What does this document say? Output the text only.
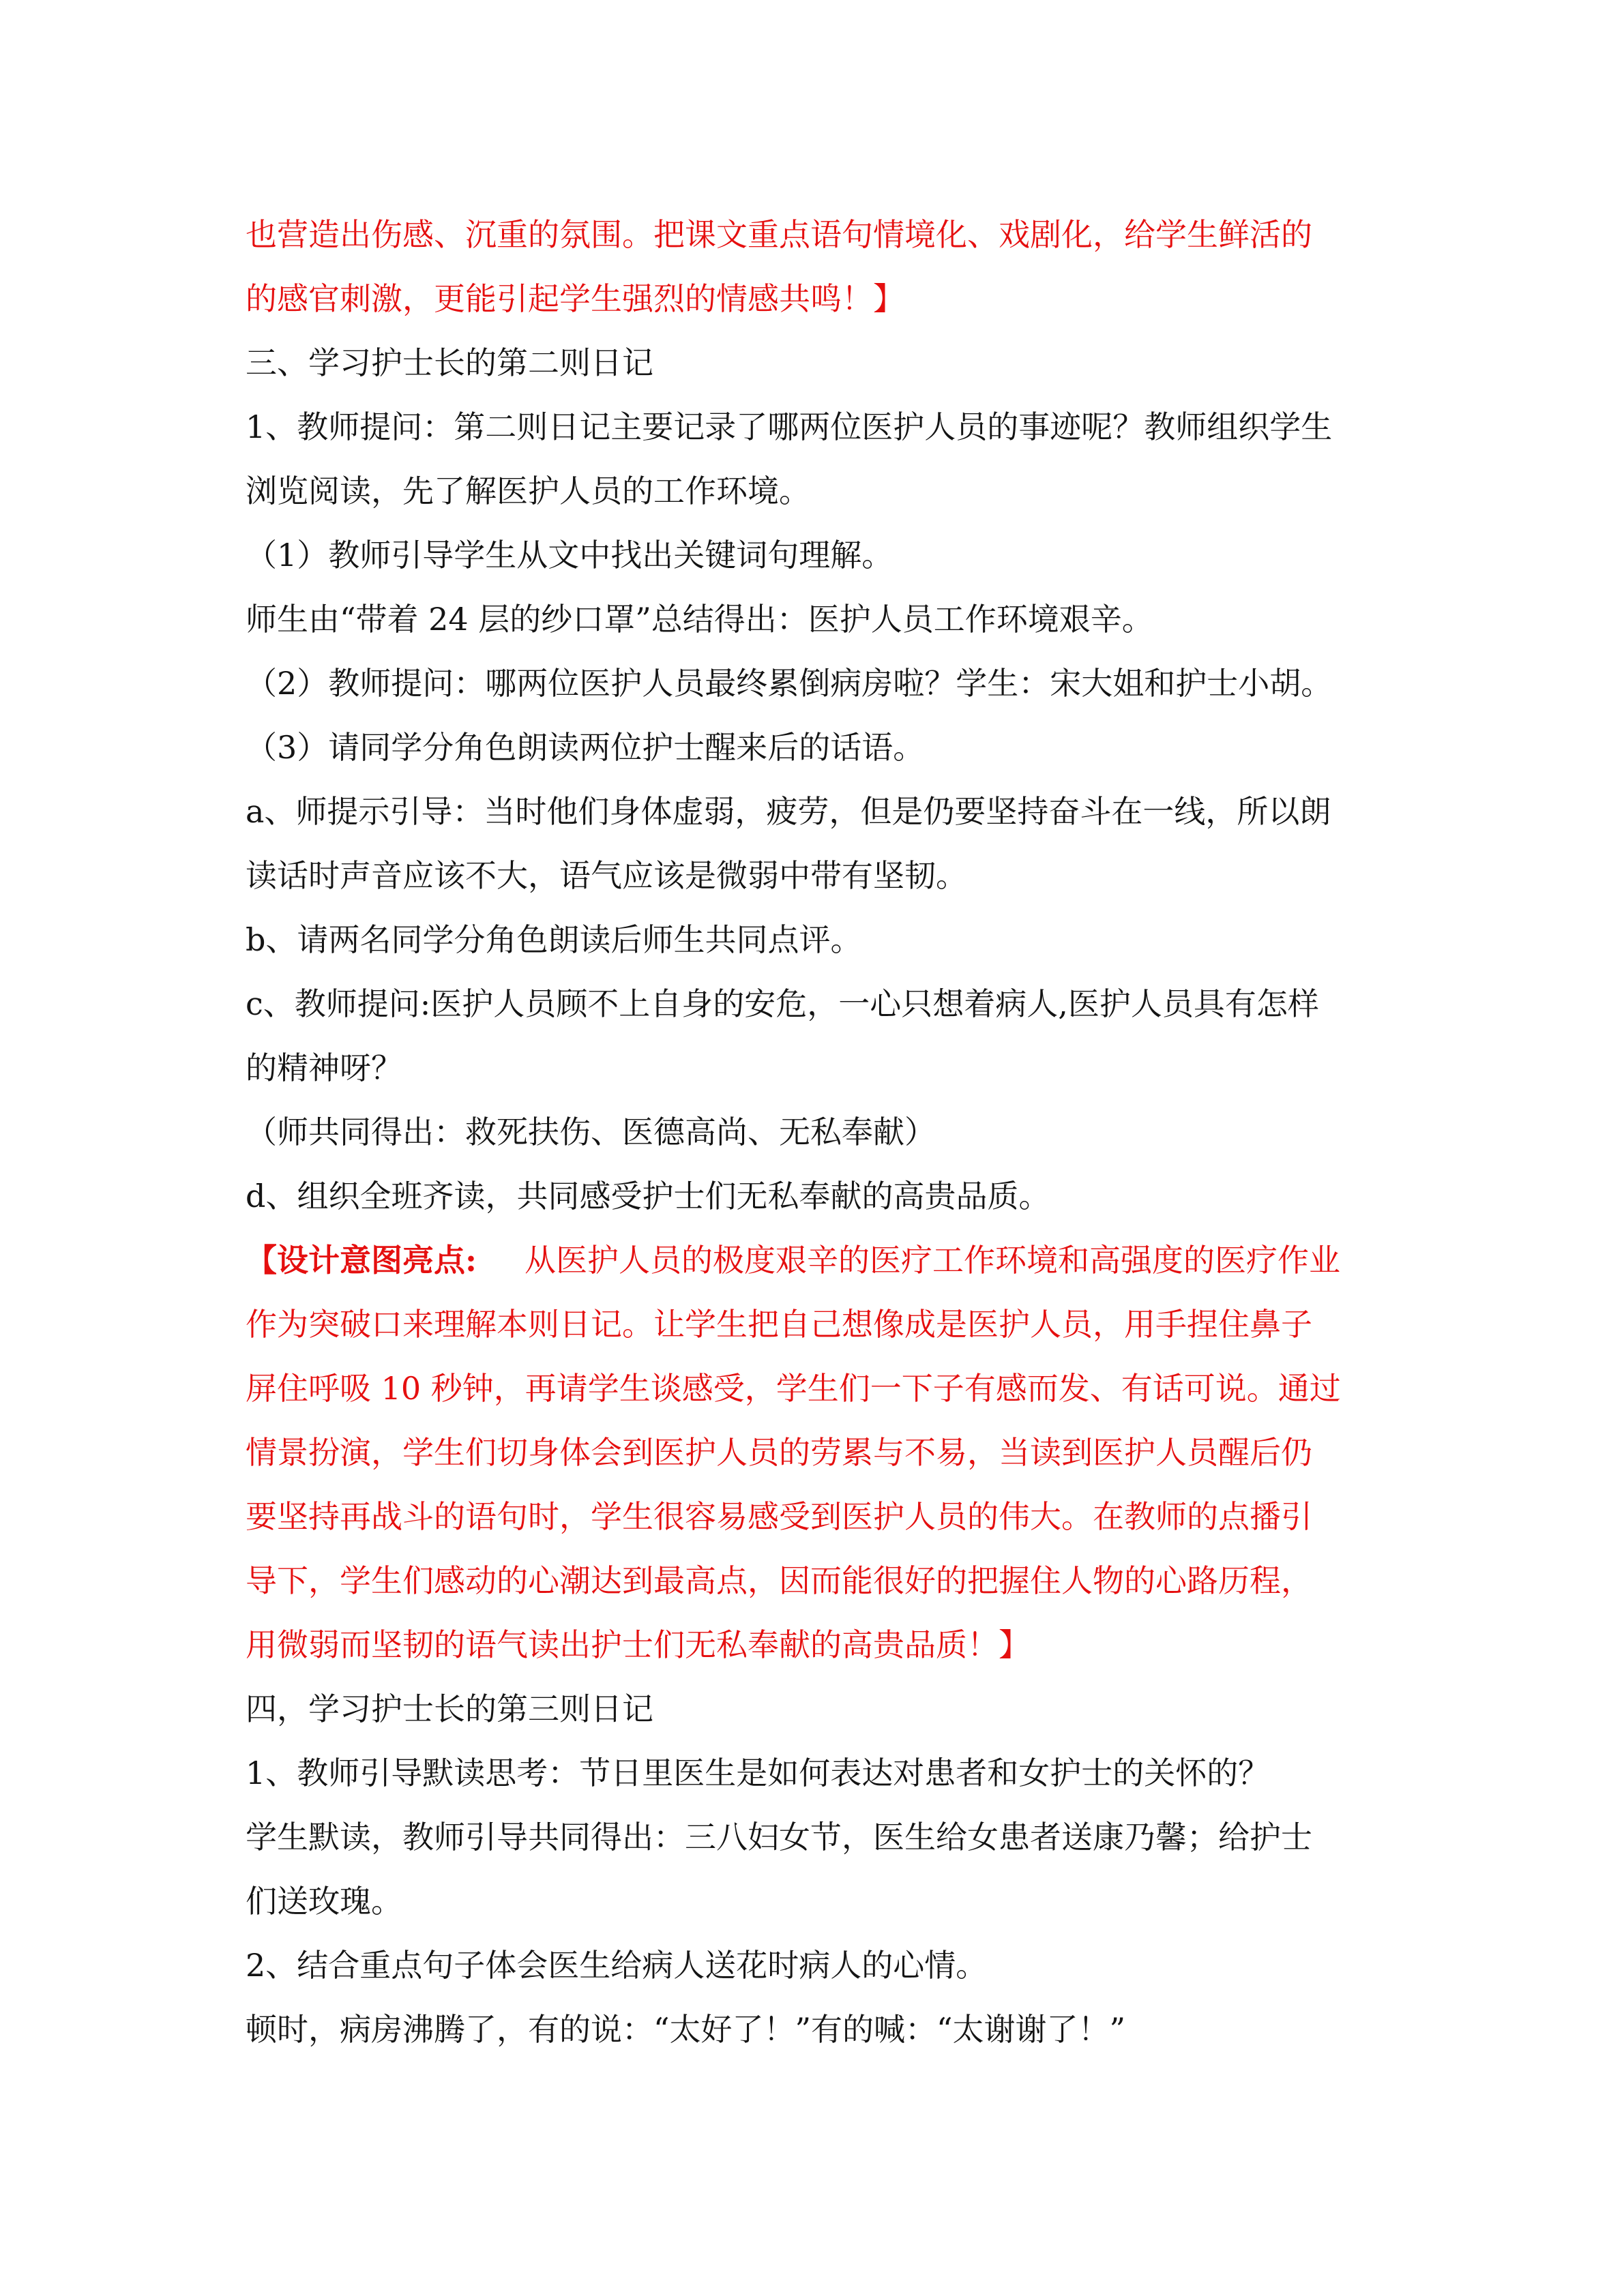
也营造出伤感、沉重的氛围。把课文重点语句情境化、戏剧化，给学生鲜活的
的感官刺激，更能引起学生强烈的情感共鸣！】
三、学习护士长的第二则日记
1、教师提问：第二则日记主要记录了哪两位医护人员的事迹呢？教师组织学生
浏览阅读，先了解医护人员的工作环境。
（1）教师引导学生从文中找出关键词句理解。
师生由“带着 24 层的纱口罩”总结得出：医护人员工作环境艰辛。
（2）教师提问：哪两位医护人员最终累倒病房啦？学生：宋大姐和护士小胡。
（3）请同学分角色朗读两位护士醒来后的话语。
a、师提示引导：当时他们身体虚弱，疲劳，但是仍要坚持奋斗在一线，所以朗
读话时声音应该不大，语气应该是微弱中带有坚韧。
b、请两名同学分角色朗读后师生共同点评。
c、教师提问:医护人员顾不上自身的安危，一心只想着病人,医护人员具有怎样
的精神呀？
（师共同得出：救死扶伤、医德高尚、无私奉献）
d、组织全班齐读，共同感受护士们无私奉献的高贵品质。
【设计意图亮点: 从医护人员的极度艰辛的医疗工作环境和高强度的医疗作业
作为突破口来理解本则日记。让学生把自己想像成是医护人员，用手捏住鼻子
屏住呼吸 10 秒钟，再请学生谈感受，学生们一下子有感而发、有话可说。通过
情景扮演，学生们切身体会到医护人员的劳累与不易，当读到医护人员醒后仍
要坚持再战斗的语句时，学生很容易感受到医护人员的伟大。在教师的点播引
导下，学生们感动的心潮达到最高点，因而能很好的把握住人物的心路历程，
用微弱而坚韧的语气读出护士们无私奉献的高贵品质！】
四，学习护士长的第三则日记
1、教师引导默读思考：节日里医生是如何表达对患者和女护士的关怀的？
学生默读，教师引导共同得出：三八妇女节，医生给女患者送康乃馨；给护士
们送玫瑰。
2、结合重点句子体会医生给病人送花时病人的心情。
顿时，病房沸腾了，有的说：“太好了！”有的喊：“太谢谢了！”
